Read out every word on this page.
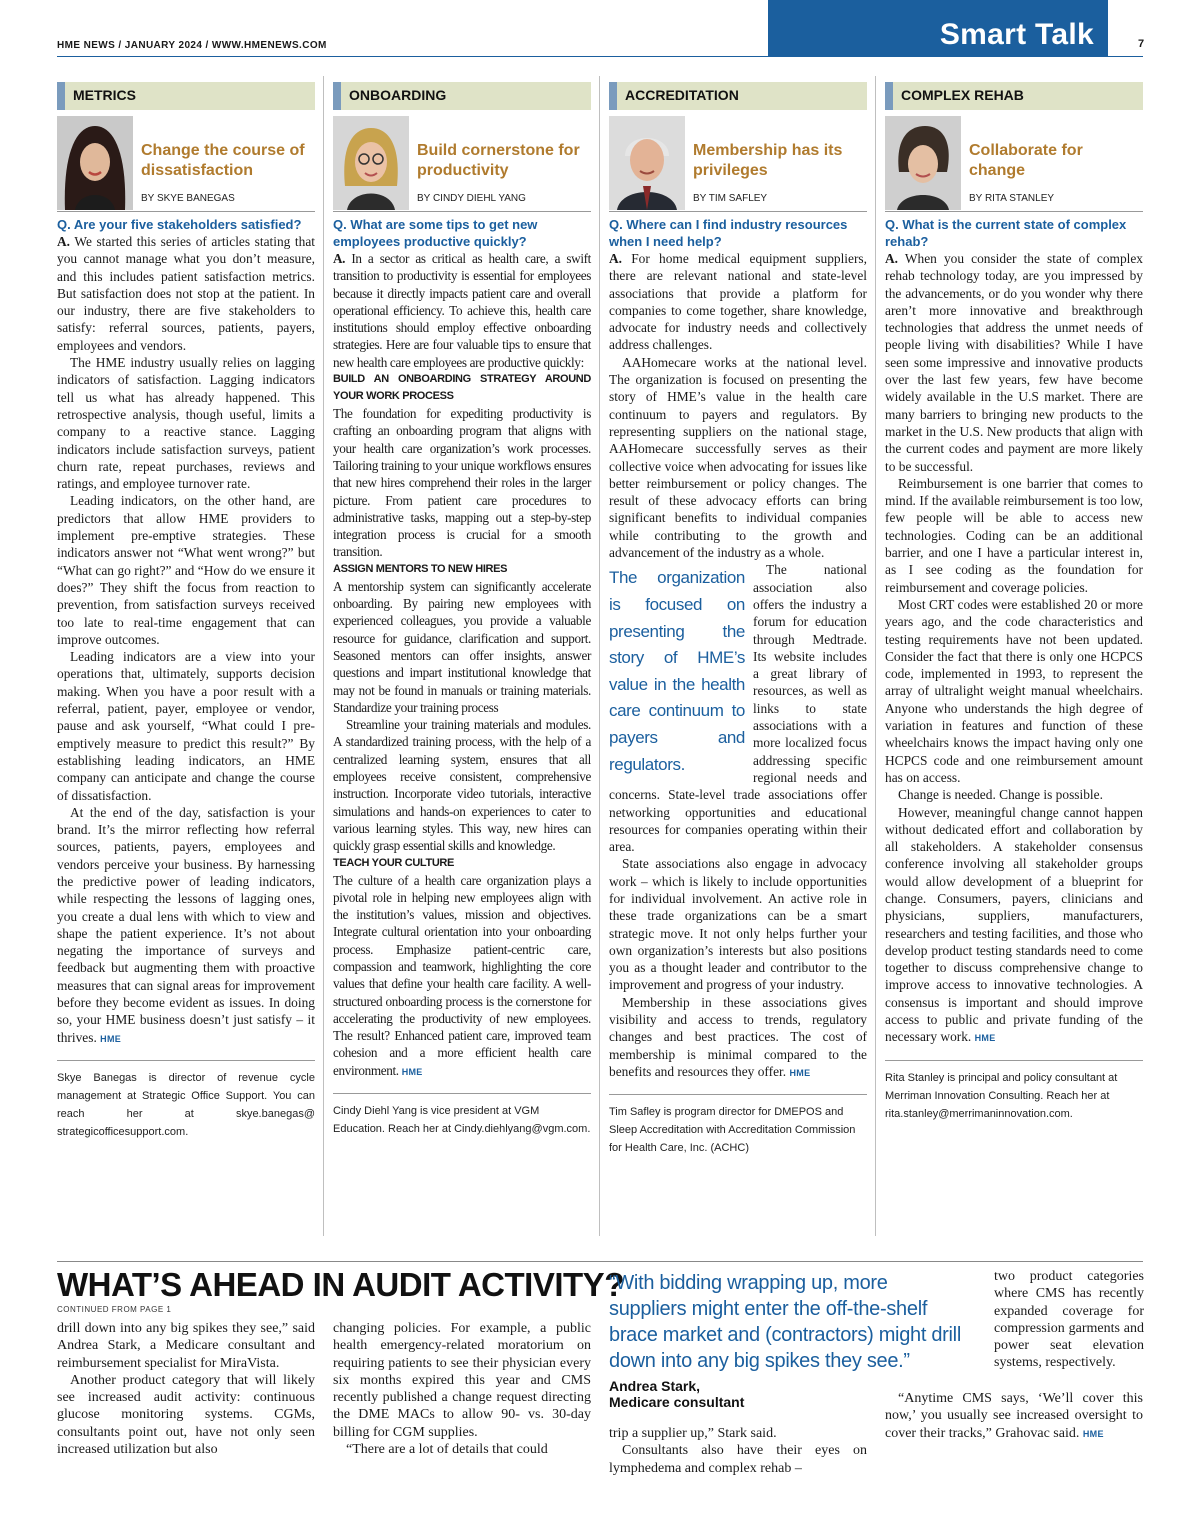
HME NEWS / JANUARY 2024 / WWW.HMENEWS.COM	Smart Talk	7
METRICS
Change the course of dissatisfaction
BY SKYE BANEGAS
Q. Are your five stakeholders satisfied?

A. We started this series of articles stating that you cannot manage what you don’t measure, and this includes patient satisfaction metrics. But satisfaction does not stop at the patient. In our industry, there are five stakeholders to satisfy: referral sources, patients, payers, employees and vendors.

The HME industry usually relies on lagging indicators of satisfaction. Lagging indicators tell us what has already happened. This retrospective analysis, though useful, limits a company to a reactive stance. Lagging indicators include satisfaction surveys, patient churn rate, repeat purchases, reviews and ratings, and employee turnover rate.

Leading indicators, on the other hand, are predictors that allow HME providers to implement pre-emptive strategies. These indicators answer not “What went wrong?” but “What can go right?” and “How do we ensure it does?” They shift the focus from reaction to prevention, from satisfaction surveys received too late to real-time engagement that can improve outcomes.

Leading indicators are a view into your operations that, ultimately, supports decision making. When you have a poor result with a referral, patient, payer, employee or vendor, pause and ask yourself, “What could I pre-emptively measure to predict this result?” By establishing leading indicators, an HME company can anticipate and change the course of dissatisfaction.

At the end of the day, satisfaction is your brand. It’s the mirror reflecting how referral sources, patients, payers, employees and vendors perceive your business. By harnessing the predictive power of leading indicators, while respecting the lessons of lagging ones, you create a dual lens with which to view and shape the patient experience. It’s not about negating the importance of surveys and feedback but augmenting them with proactive measures that can signal areas for improvement before they become evident as issues. In doing so, your HME business doesn’t just satisfy – it thrives. HME

Skye Banegas is director of revenue cycle management at Strategic Office Support. You can reach her at skye.banegas@ strategicofficesupport.com.
ONBOARDING
Build cornerstone for productivity
BY CINDY DIEHL YANG
Q. What are some tips to get new employees productive quickly?

A. In a sector as critical as health care, a swift transition to productivity is essential for employees because it directly impacts patient care and overall operational efficiency. To achieve this, health care institutions should employ effective onboarding strategies. Here are four valuable tips to ensure that new health care employees are productive quickly:

BUILD AN ONBOARDING STRATEGY AROUND YOUR WORK PROCESS

The foundation for expediting productivity is crafting an onboarding program that aligns with your health care organization’s work processes. Tailoring training to your unique workflows ensures that new hires comprehend their roles in the larger picture. From patient care procedures to administrative tasks, mapping out a step-by-step integration process is crucial for a smooth transition.

ASSIGN MENTORS TO NEW HIRES

A mentorship system can significantly accelerate onboarding. By pairing new employees with experienced colleagues, you provide a valuable resource for guidance, clarification and support. Seasoned mentors can offer insights, answer questions and impart institutional knowledge that may not be found in manuals or training materials. Standardize your training process

Streamline your training materials and modules. A standardized training process, with the help of a centralized learning system, ensures that all employees receive consistent, comprehensive instruction. Incorporate video tutorials, interactive simulations and hands-on experiences to cater to various learning styles. This way, new hires can quickly grasp essential skills and knowledge.

TEACH YOUR CULTURE

The culture of a health care organization plays a pivotal role in helping new employees align with the institution’s values, mission and objectives. Integrate cultural orientation into your onboarding process. Emphasize patient-centric care, compassion and teamwork, highlighting the core values that define your health care facility. A well-structured onboarding process is the cornerstone for accelerating the productivity of new employees. The result? Enhanced patient care, improved team cohesion and a more efficient health care environment. HME

Cindy Diehl Yang is vice president at VGM Education. Reach her at Cindy.diehlyang@vgm.com.
ACCREDITATION
Membership has its privileges
BY TIM SAFLEY
Q. Where can I find industry resources when I need help?

A. For home medical equipment suppliers, there are relevant national and state-level associations that provide a platform for companies to come together, share knowledge, advocate for industry needs and collectively address challenges.

AAHomecare works at the national level. The organization is focused on presenting the story of HME’s value in the health care continuum to payers and regulators. By representing suppliers on the national stage, AAHomecare successfully serves as their collective voice when advocating for issues like better reimbursement or policy changes. The result of these advocacy efforts can bring significant benefits to individual companies while contributing to the growth and advancement of the industry as a whole.

The organization is focused on presenting the story of HME’s value in the health care continuum to payers and regulators.

The national association also offers the industry a forum for education through Medtrade. Its website includes a great library of resources, as well as links to state associations with a more localized focus addressing specific regional needs and concerns. State-level trade associations offer networking opportunities and educational resources for companies operating within their area.

State associations also engage in advocacy work – which is likely to include opportunities for individual involvement. An active role in these trade organizations can be a smart strategic move. It not only helps further your own organization’s interests but also positions you as a thought leader and contributor to the improvement and progress of your industry.

Membership in these associations gives visibility and access to trends, regulatory changes and best practices. The cost of membership is minimal compared to the benefits and resources they offer. HME

Tim Safley is program director for DMEPOS and Sleep Accreditation with Accreditation Commission for Health Care, Inc. (ACHC)
COMPLEX REHAB
Collaborate for change
BY RITA STANLEY
Q. What is the current state of complex rehab?

A. When you consider the state of complex rehab technology today, are you impressed by the advancements, or do you wonder why there aren’t more innovative and breakthrough technologies that address the unmet needs of people living with disabilities? While I have seen some impressive and innovative products over the last few years, few have become widely available in the U.S market. There are many barriers to bringing new products to the market in the U.S. New products that align with the current codes and payment are more likely to be successful.

Reimbursement is one barrier that comes to mind. If the available reimbursement is too low, few people will be able to access new technologies. Coding can be an additional barrier, and one I have a particular interest in, as I see coding as the foundation for reimbursement and coverage policies.

Most CRT codes were established 20 or more years ago, and the code characteristics and testing requirements have not been updated. Consider the fact that there is only one HCPCS code, implemented in 1993, to represent the array of ultralight weight manual wheelchairs. Anyone who understands the high degree of variation in features and function of these wheelchairs knows the impact having only one HCPCS code and one reimbursement amount has on access.

Change is needed. Change is possible.

However, meaningful change cannot happen without dedicated effort and collaboration by all stakeholders. A stakeholder consensus conference involving all stakeholder groups would allow development of a blueprint for change. Consumers, payers, clinicians and physicians, suppliers, manufacturers, researchers and testing facilities, and those who develop product testing standards need to come together to discuss comprehensive change to improve access to innovative technologies. A consensus is important and should improve access to public and private funding of the necessary work. HME

Rita Stanley is principal and policy consultant at Merriman Innovation Consulting. Reach her at rita.stanley@merrimaninnovation.com.
WHAT’S AHEAD IN AUDIT ACTIVITY?
CONTINUED FROM PAGE 1

drill down into any big spikes they see,” said Andrea Stark, a Medicare consultant and reimbursement specialist for MiraVista.

Another product category that will likely see increased audit activity: continuous glucose monitoring systems. CGMs, consultants point out, have not only seen increased utilization but also

changing policies. For example, a public health emergency-related moratorium on requiring patients to see their physician every six months expired this year and CMS recently published a change request directing the DME MACs to allow 90- vs. 30-day billing for CGM supplies.

“There are a lot of details that could

“With bidding wrapping up, more suppliers might enter the off-the-shelf brace market and (contractors) might drill down into any big spikes they see.”
Andrea Stark,
Medicare consultant

trip a supplier up,” Stark said.

Consultants also have their eyes on lymphedema and complex rehab –

two product categories where CMS has recently expanded coverage for compression garments and power seat elevation systems, respectively.

“Anytime CMS says, ‘We’ll cover this now,’ you usually see increased oversight to cover their tracks,” Grahovac said. HME
